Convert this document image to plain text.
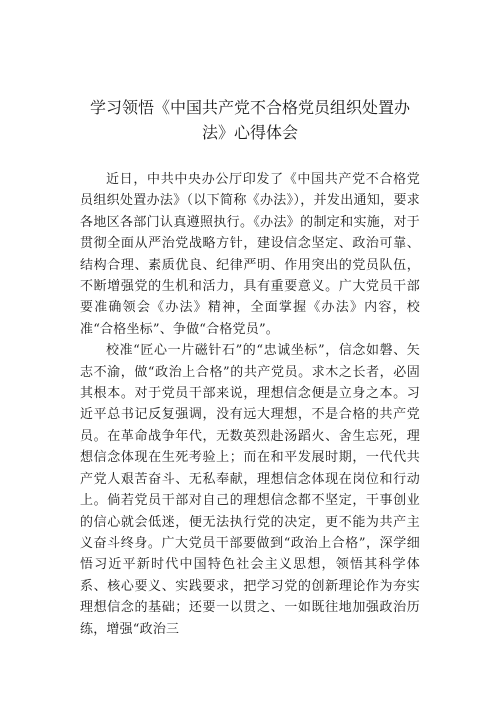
学习领悟《中国共产党不合格党员组织处置办法》心得体会

近日，中共中央办公厅印发了《中国共产党不合格党员组织处置办法》（以下简称《办法》），并发出通知，要求各地区各部门认真遵照执行。《办法》的制定和实施，对于贯彻全面从严治党战略方针，建设信念坚定、政治可靠、结构合理、素质优良、纪律严明、作用突出的党员队伍，不断增强党的生机和活力，具有重要意义。广大党员干部要准确领会《办法》精神，全面掌握《办法》内容，校准“合格坐标”、争做“合格党员”。

校准“匠心一片磁针石”的“忠诚坐标”，信念如磐、矢志不渝，做“政治上合格”的共产党员。求木之长者，必固其根本。对于党员干部来说，理想信念便是立身之本。习近平总书记反复强调，没有远大理想，不是合格的共产党员。在革命战争年代，无数英烈赴汤蹈火、舍生忘死，理想信念体现在生死考验上；而在和平发展时期，一代代共产党人艰苦奋斗、无私奉献，理想信念体现在岗位和行动上。倘若党员干部对自己的理想信念都不坚定，干事创业的信心就会低迷，便无法执行党的决定，更不能为共产主义奋斗终身。广大党员干部要做到“政治上合格”，深学细悟习近平新时代中国特色社会主义思想，领悟其科学体系、核心要义、实践要求，把学习党的创新理论作为夯实理想信念的基础；还要一以贯之、一如既往地加强政治历练，增强“政治三
